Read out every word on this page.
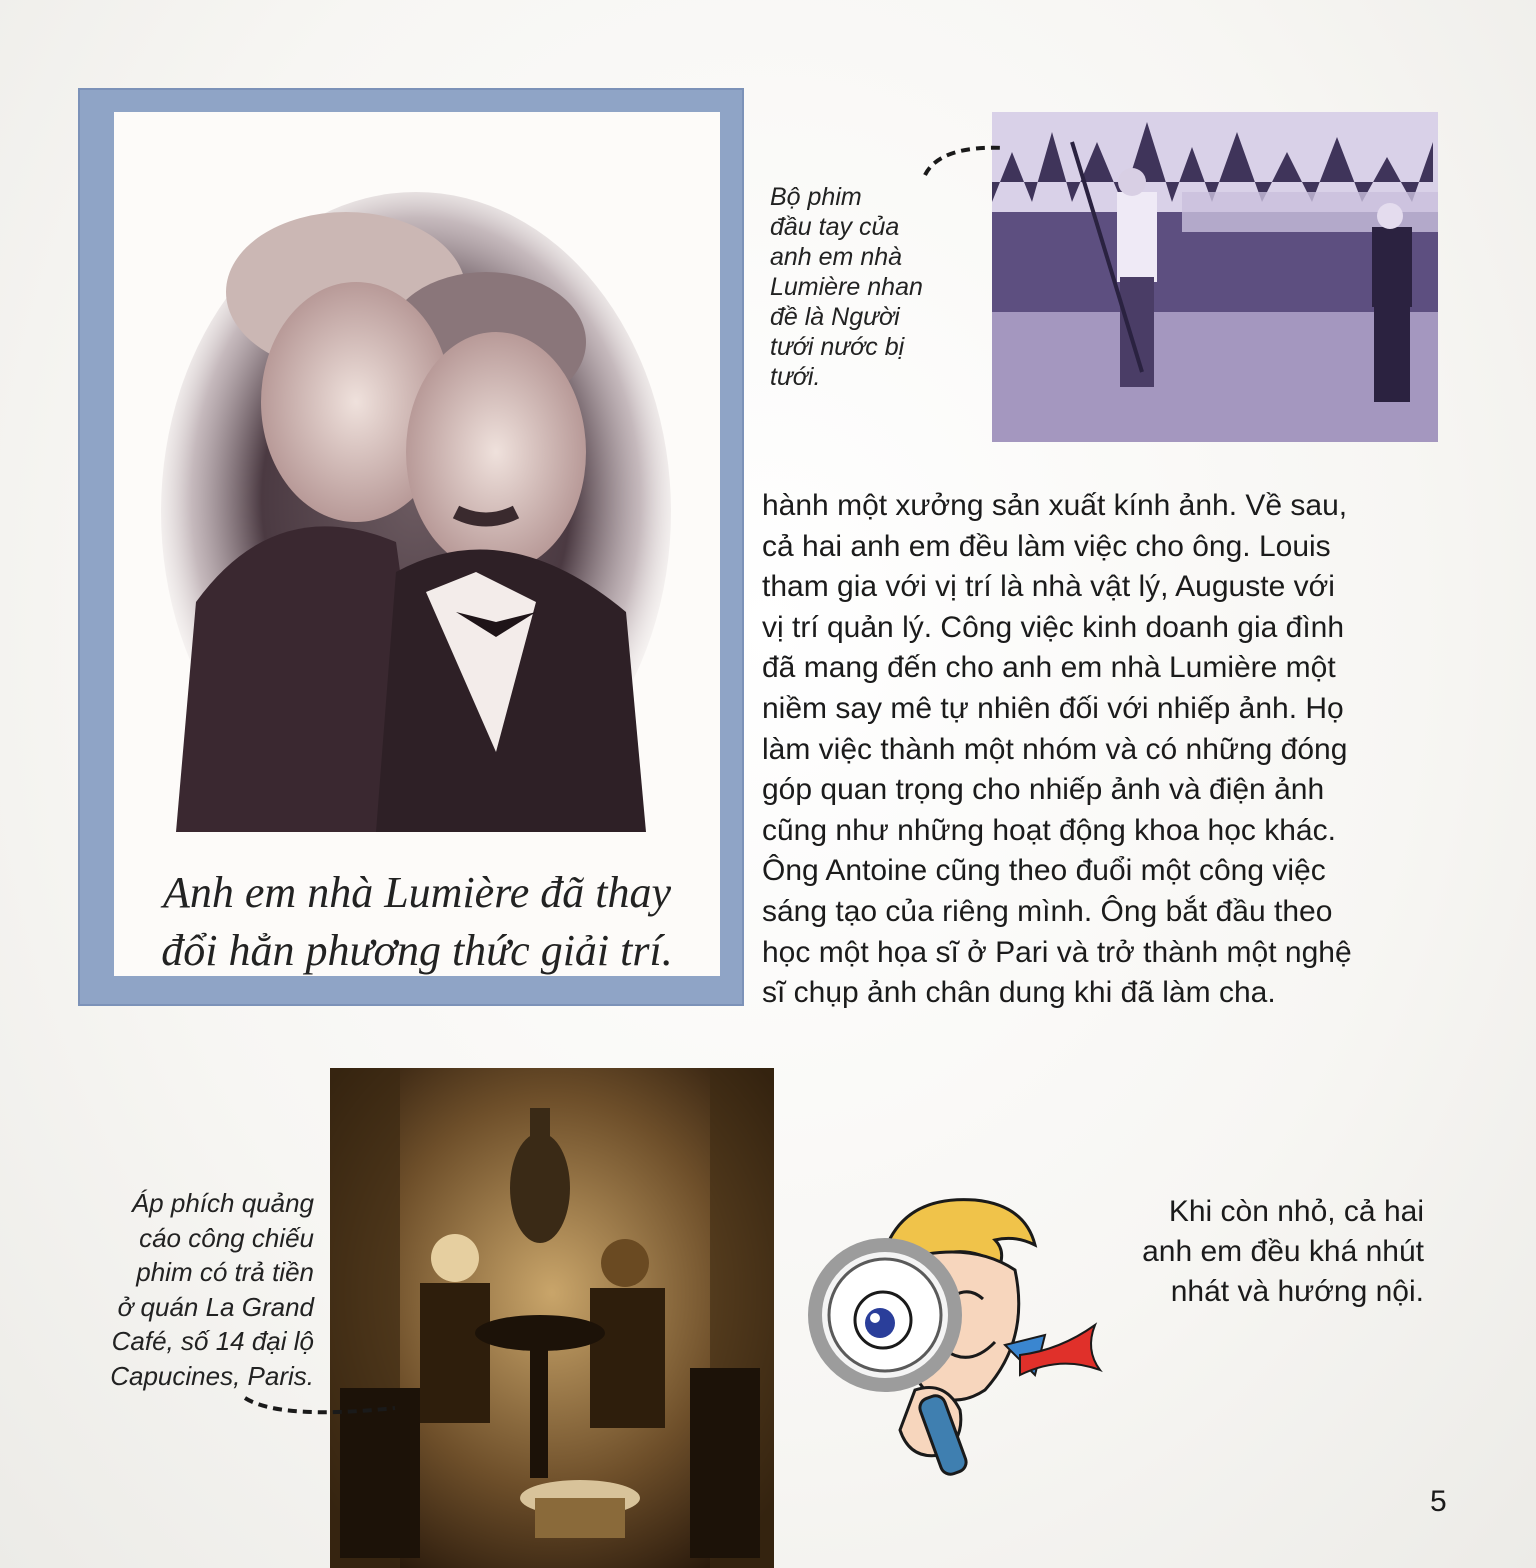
Anh em nhà Lumière đã thay
đổi hẳn phương thức giải trí.
Bộ phim
đầu tay của
anh em nhà
Lumière nhan
đề là Người
tưới nước bị
tưới.
hành một xưởng sản xuất kính ảnh. Về sau,
cả hai anh em đều làm việc cho ông. Louis
tham gia với vị trí là nhà vật lý, Auguste với
vị trí quản lý. Công việc kinh doanh gia đình
đã mang đến cho anh em nhà Lumière một
niềm say mê tự nhiên đối với nhiếp ảnh. Họ
làm việc thành một nhóm và có những đóng
góp quan trọng cho nhiếp ảnh và điện ảnh
cũng như những hoạt động khoa học khác.
Ông Antoine cũng theo đuổi một công việc
sáng tạo của riêng mình. Ông bắt đầu theo
học một họa sĩ ở Pari và trở thành một nghệ
sĩ chụp ảnh chân dung khi đã làm cha.
Áp phích quảng
cáo công chiếu
phim có trả tiền
ở quán La Grand
Café, số 14 đại lộ
Capucines, Paris.
Khi còn nhỏ, cả hai
anh em đều khá nhút
nhát và hướng nội.
5
